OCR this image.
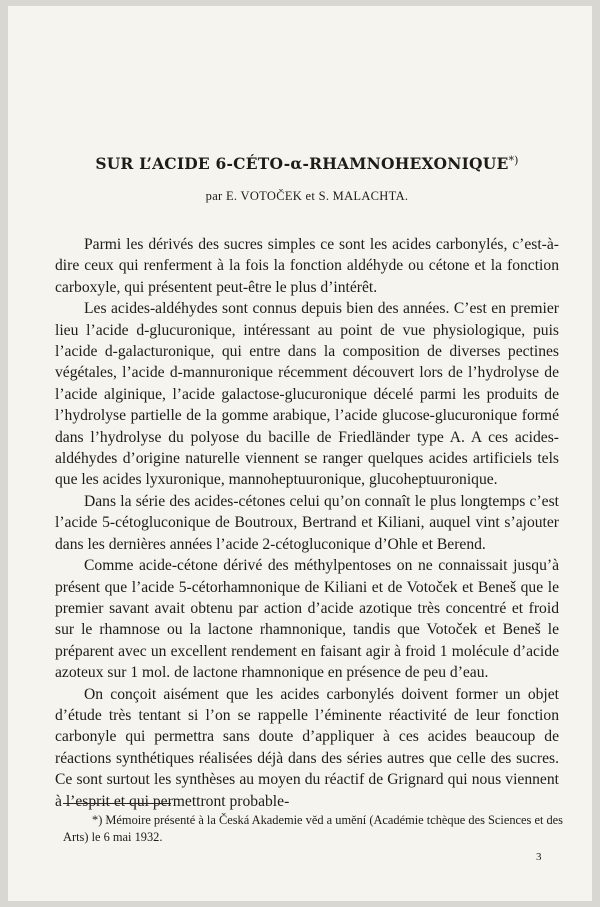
SUR L’ACIDE 6-CÉTO-α-RHAMNOHEXONIQUE*)

par E. VOTOČEK et S. MALACHTA.

Parmi les dérivés des sucres simples ce sont les acides carbonylés, c’est-à-dire ceux qui renferment à la fois la fonction aldéhyde ou cétone et la fonction carboxyle, qui présentent peut-être le plus d’intérêt.

Les acides-aldéhydes sont connus depuis bien des années. C’est en premier lieu l’acide d-glucuronique, intéressant au point de vue physiologique, puis l’acide d-galacturonique, qui entre dans la composition de diverses pectines végétales, l’acide d-mannuronique récemment découvert lors de l’hydrolyse de l’acide alginique, l’acide galactose-glucuronique décelé parmi les produits de l’hydrolyse partielle de la gomme arabique, l’acide glucose-glucuronique formé dans l’hydrolyse du polyose du bacille de Friedländer type A. A ces acides-aldéhydes d’origine naturelle viennent se ranger quelques acides artificiels tels que les acides lyxuronique, mannoheptuuronique, glucoheptuuronique.

Dans la série des acides-cétones celui qu’on connaît le plus longtemps c’est l’acide 5-cétogluconique de Boutroux, Bertrand et Kiliani, auquel vint s’ajouter dans les dernières années l’acide 2-cétogluconique d’Ohle et Berend.

Comme acide-cétone dérivé des méthylpentoses on ne connaissait jusqu’à présent que l’acide 5-cétorhamnonique de Kiliani et de Votoček et Beneš que le premier savant avait obtenu par action d’acide azotique très concentré et froid sur le rhamnose ou la lactone rhamnonique, tandis que Votoček et Beneš le préparent avec un excellent rendement en faisant agir à froid 1 molécule d’acide azoteux sur 1 mol. de lactone rhamnonique en présence de peu d’eau.

On conçoit aisément que les acides carbonylés doivent former un objet d’étude très tentant si l’on se rappelle l’éminente réactivité de leur fonction carbonyle qui permettra sans doute d’appliquer à ces acides beaucoup de réactions synthétiques réalisées déjà dans des séries autres que celle des sucres. Ce sont surtout les synthèses au moyen du réactif de Grignard qui nous viennent à l’esprit et qui permettront probable-

*) Mémoire présenté à la Česká Akademie věd a umění (Académie tchèque des Sciences et des Arts) le 6 mai 1932.
3
